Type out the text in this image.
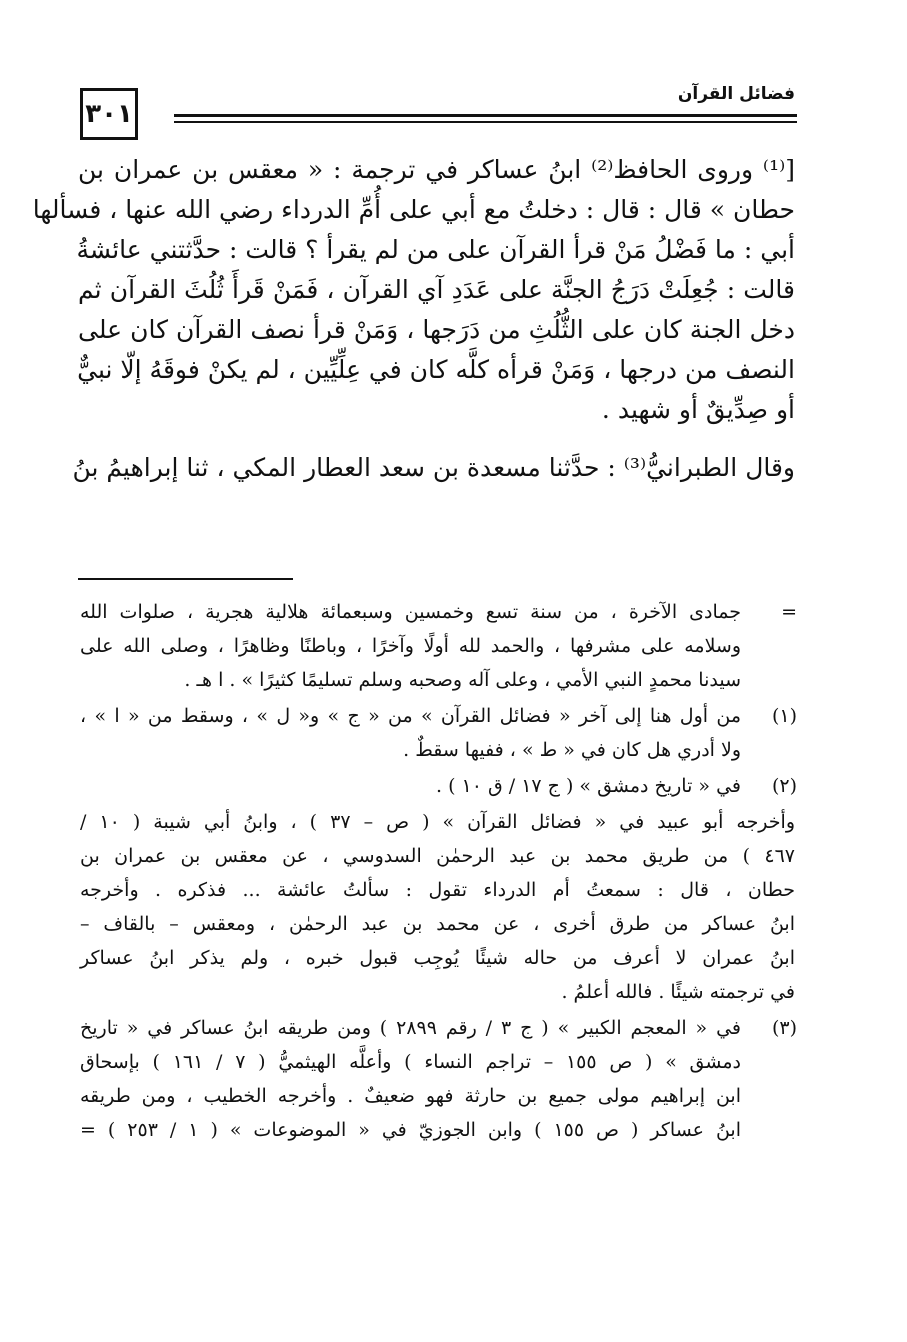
٣٠١
فضائل القرآن
[⁽¹⁾ وروى الحافظ⁽²⁾ ابنُ عساكر في ترجمة : « معقس بن عمران بن
حطان » قال : قال : دخلتُ مع أبي على أُمِّ الدرداء رضي الله عنها ، فسألها
أبي : ما فَضْلُ مَنْ قرأ القرآن على من لم يقرأ ؟ قالت : حدَّثتني عائشةُ
قالت : جُعِلَتْ دَرَجُ الجنَّة على عَدَدِ آي القرآن ، فَمَنْ قَرأَ ثُلُثَ القرآن ثم
دخل الجنة كان على الثُّلُثِ من دَرَجها ، وَمَنْ قرأ نصف القرآن كان على
النصف من درجها ، وَمَنْ قرأه كلَّه كان في عِلِّيِّين ، لم يكنْ فوقَهُ إلّا نبيٌّ
أو صِدِّيقٌ أو شهيد .
وقال الطبرانيُّ⁽³⁾ : حدَّثنا مسعدة بن سعد العطار المكي ، ثنا إبراهيمُ بنُ
=
جمادى الآخرة ، من سنة تسع وخمسين وسبعمائة هلالية هجرية ، صلوات الله
وسلامه على مشرفها ، والحمد لله أولًا وآخرًا ، وباطنًا وظاهرًا ، وصلى الله على
سيدنا محمدٍ النبي الأمي ، وعلى آله وصحبه وسلم تسليمًا كثيرًا » . ا هـ .
(١)
من أول هنا إلى آخر « فضائل القرآن » من « ج » و« ل » ، وسقط من « ا » ،
ولا أدري هل كان في « ط » ، ففيها سقطٌ .
(٢)
في « تاريخ دمشق » ( ج ١٧ / ق ١٠ ) .
وأخرجه أبو عبيد في « فضائل القرآن » ( ص – ٣٧ ) ، وابنُ أبي شيبة ( ١٠ /
٤٦٧ ) من طريق محمد بن عبد الرحمٰن السدوسي ، عن معقس بن عمران بن
حطان ، قال : سمعتُ أم الدرداء تقول : سألتُ عائشة ... فذكره . وأخرجه
ابنُ عساكر من طرق أخرى ، عن محمد بن عبد الرحمٰن ، ومعقس – بالقاف –
ابنُ عمران لا أعرف من حاله شيئًا يُوجِب قبول خبره ، ولم يذكر ابنُ عساكر
في ترجمته شيئًا . فالله أعلمُ .
(٣)
في « المعجم الكبير » ( ج ٣ / رقم ٢٨٩٩ ) ومن طريقه ابنُ عساكر في « تاريخ
دمشق » ( ص ١٥٥ – تراجم النساء ) وأعلَّه الهيثميُّ ( ٧ / ١٦١ ) بإسحاق
ابن إبراهيم مولى جميع بن حارثة فهو ضعيفٌ . وأخرجه الخطيب ، ومن طريقه
ابنُ عساكر ( ص ١٥٥ ) وابن الجوزيّ في « الموضوعات » ( ١ / ٢٥٣ ) =
